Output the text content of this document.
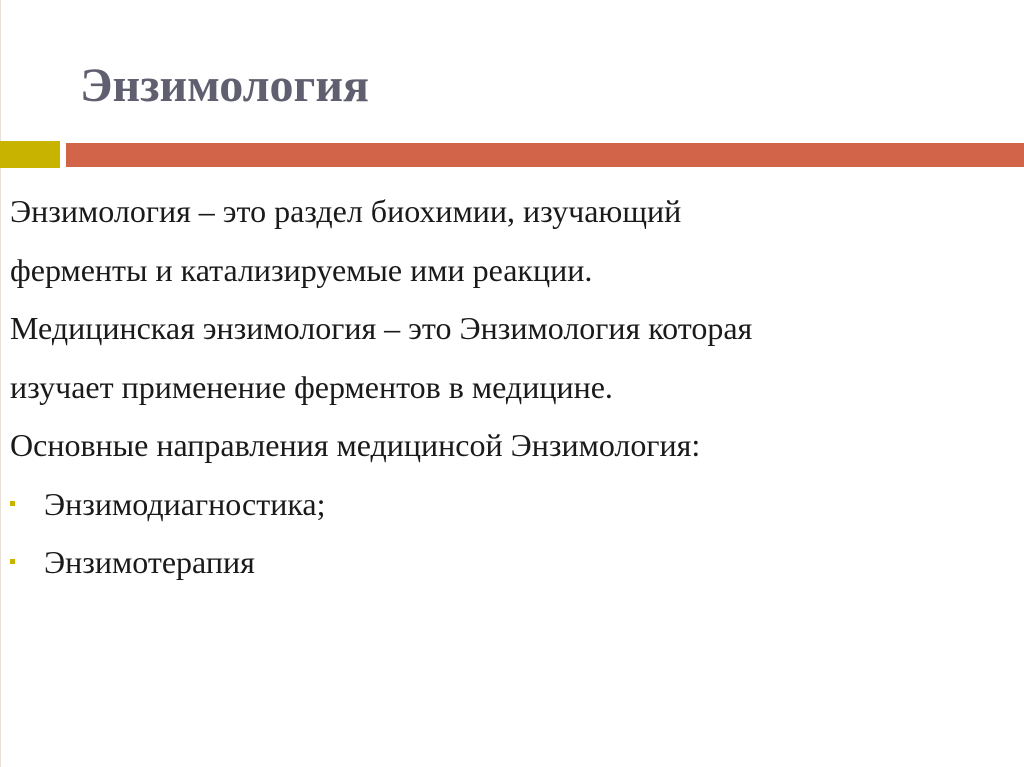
Энзимология
Энзимология – это раздел биохимии, изучающий
ферменты и катализируемые ими реакции.
Медицинская энзимология – это Энзимология которая
изучает применение ферментов в медицине.
Основные направления медицинсой Энзимология:
Энзимодиагностика;
Энзимотерапия
